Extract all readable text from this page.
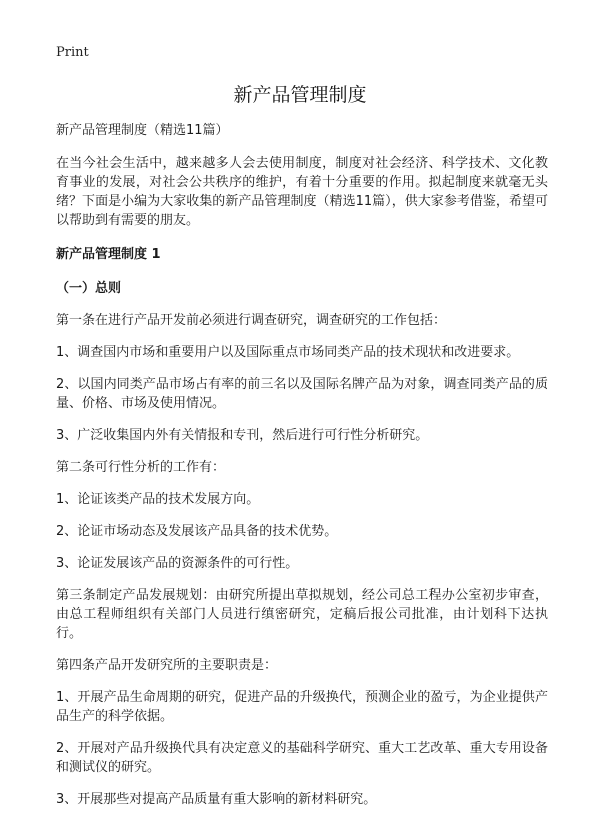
Print
新产品管理制度

新产品管理制度（精选11篇）

在当今社会生活中，越来越多人会去使用制度，制度对社会经济、科学技术、文化教育事业的发展，对社会公共秩序的维护，有着十分重要的作用。拟起制度来就毫无头绪？下面是小编为大家收集的新产品管理制度（精选11篇），供大家参考借鉴，希望可以帮助到有需要的朋友。

新产品管理制度 1

（一）总则

第一条在进行产品开发前必须进行调查研究，调查研究的工作包括：

1、调查国内市场和重要用户以及国际重点市场同类产品的技术现状和改进要求。

2、以国内同类产品市场占有率的前三名以及国际名牌产品为对象，调查同类产品的质量、价格、市场及使用情况。

3、广泛收集国内外有关情报和专刊，然后进行可行性分析研究。

第二条可行性分析的工作有：

1、论证该类产品的技术发展方向。

2、论证市场动态及发展该产品具备的技术优势。

3、论证发展该产品的资源条件的可行性。

第三条制定产品发展规划：由研究所提出草拟规划，经公司总工程办公室初步审查，由总工程师组织有关部门人员进行缜密研究，定稿后报公司批准，由计划科下达执行。

第四条产品开发研究所的主要职责是：

1、开展产品生命周期的研究，促进产品的升级换代，预测企业的盈亏，为企业提供产品生产的科学依据。

2、开展对产品升级换代具有决定意义的基础科学研究、重大工艺改革、重大专用设备和测试仪的研究。

3、开展那些对提高产品质量有重大影响的新材料研究。
